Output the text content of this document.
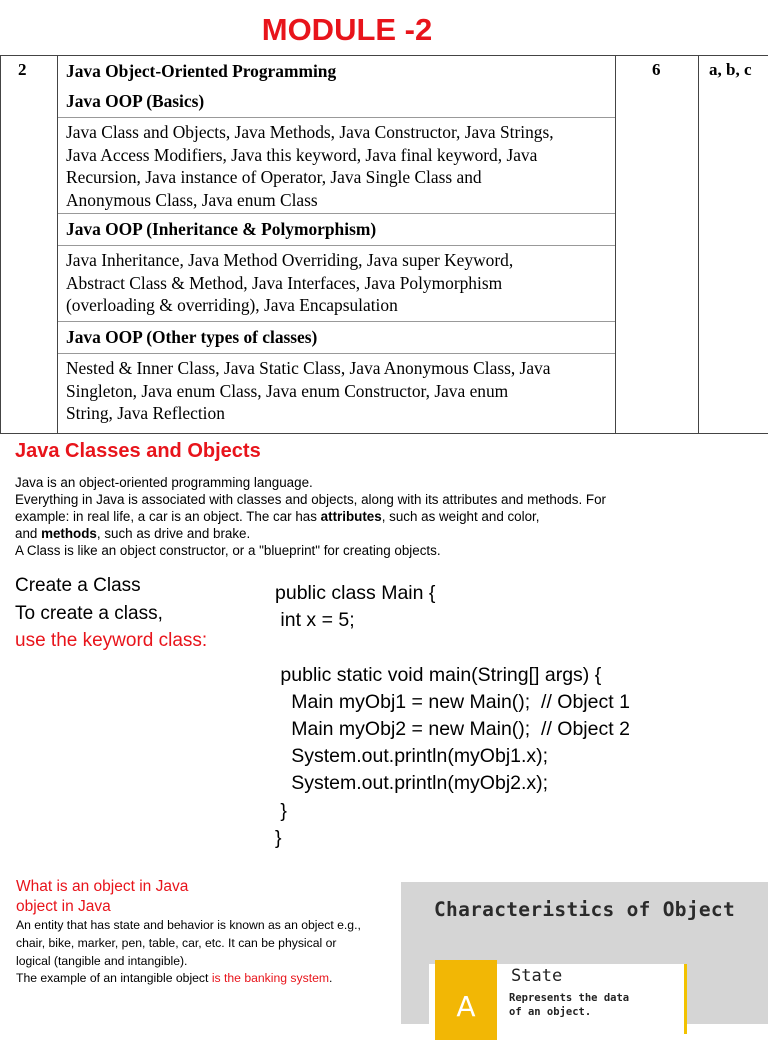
MODULE -2
2	6	a, b, c
Java Object-Oriented Programming
Java OOP (Basics)
Java Class and Objects, Java Methods, Java Constructor, Java Strings,
Java Access Modifiers, Java this keyword, Java final keyword, Java
Recursion, Java instance of Operator, Java Single Class and
Anonymous Class, Java enum Class
Java OOP (Inheritance & Polymorphism)
Java Inheritance, Java Method Overriding, Java super Keyword,
Abstract Class & Method, Java Interfaces, Java Polymorphism
(overloading & overriding), Java Encapsulation
Java OOP (Other types of classes)
Nested & Inner Class, Java Static Class, Java Anonymous Class, Java
Singleton, Java enum Class, Java enum Constructor, Java enum
String, Java Reflection
Java Classes and Objects
Java is an object-oriented programming language.
Everything in Java is associated with classes and objects, along with its attributes and methods. For
example: in real life, a car is an object. The car has attributes, such as weight and color,
and methods, such as drive and brake.
A Class is like an object constructor, or a "blueprint" for creating objects.
Create a Class
To create a class,
use the keyword class:
public class Main {
int x = 5;

public static void main(String[] args) {
Main myObj1 = new Main();  // Object 1
Main myObj2 = new Main();  // Object 2
System.out.println(myObj1.x);
System.out.println(myObj2.x);
}
}
What is an object in Java
object in Java
An entity that has state and behavior is known as an object e.g.,
chair, bike, marker, pen, table, car, etc. It can be physical or
logical (tangible and intangible).
The example of an intangible object is the banking system.
Characteristics of Object
A
State
Represents the data of an object.
